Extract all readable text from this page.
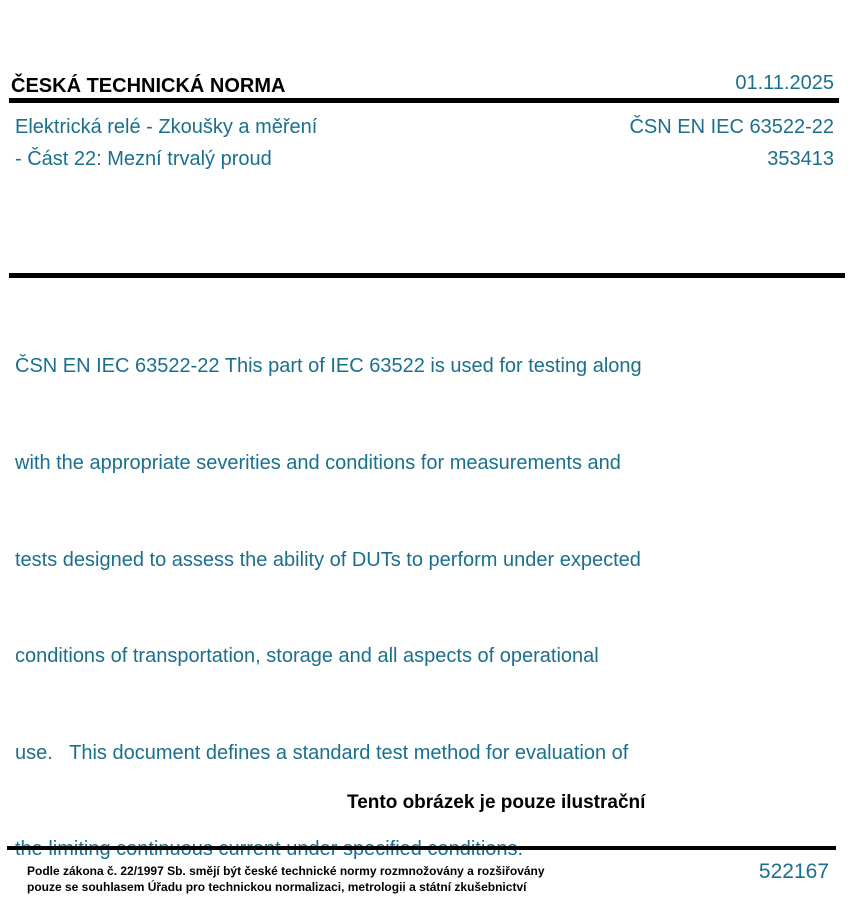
ČESKÁ TECHNICKÁ NORMA	01.11.2025
Elektrická relé - Zkoušky a měření
- Část 22: Mezní trvalý proud
ČSN EN IEC 63522-22
353413

ČSN EN IEC 63522-22 This part of IEC 63522 is used for testing along

with the appropriate severities and conditions for measurements and

tests designed to assess the ability of DUTs to perform under expected

conditions of transportation, storage and all aspects of operational

use.   This document defines a standard test method for evaluation of

Tento obrázek je pouze ilustrační
Podle zákona č. 22/1997 Sb. smějí být české technické normy rozmnožovány a rozšiřovány
pouze se souhlasem Úřadu pro technickou normalizaci, metrologii a státní zkušebnictví
522167
